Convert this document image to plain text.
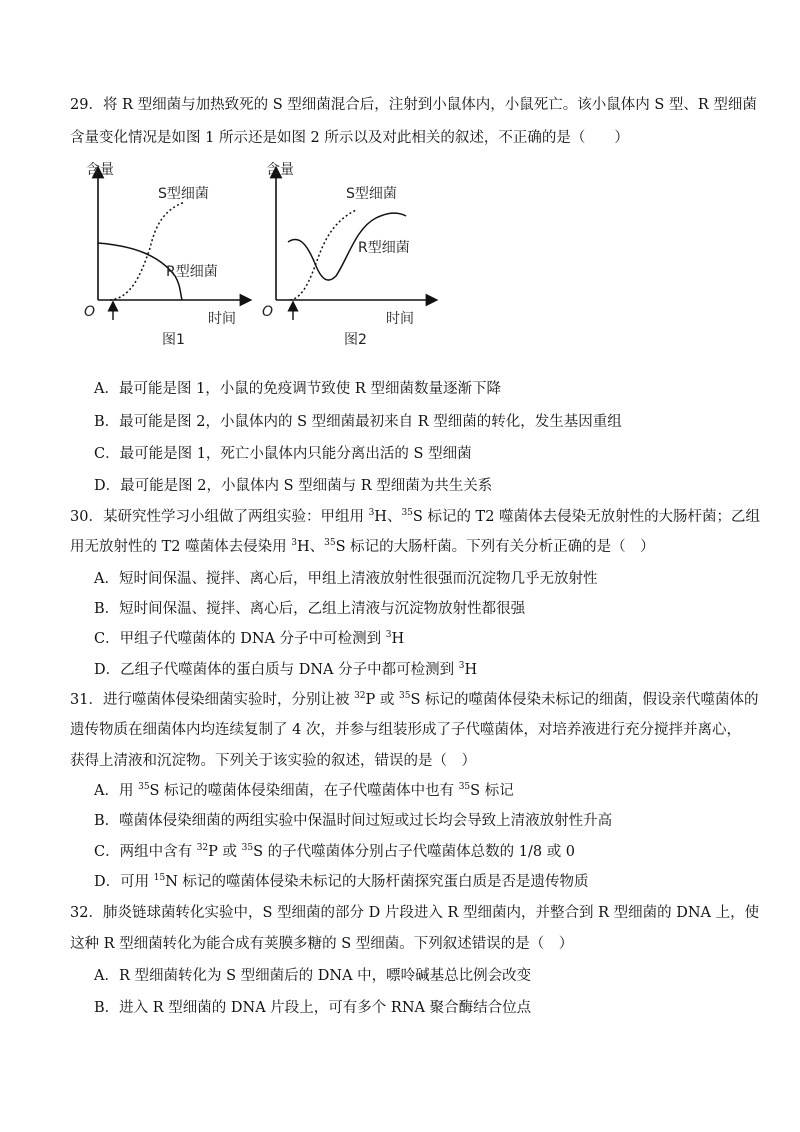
29．将 R 型细菌与加热致死的 S 型细菌混合后，注射到小鼠体内，小鼠死亡。该小鼠体内 S 型、R 型细菌
含量变化情况是如图 1 所示还是如图 2 所示以及对此相关的叙述，不正确的是（　　）
含量
时间
O
S型细菌
R型细菌
图1
含量
时间
O
S型细菌
R型细菌
图2
A．最可能是图 1，小鼠的免疫调节致使 R 型细菌数量逐渐下降
B．最可能是图 2，小鼠体内的 S 型细菌最初来自 R 型细菌的转化，发生基因重组
C．最可能是图 1，死亡小鼠体内只能分离出活的 S 型细菌
D．最可能是图 2，小鼠体内 S 型细菌与 R 型细菌为共生关系
30．某研究性学习小组做了两组实验：甲组用 $^3$H、$^{35}$S 标记的 T2 噬菌体去侵染无放射性的大肠杆菌；乙组
用无放射性的 T2 噬菌体去侵染用 $^3$H、$^{35}$S 标记的大肠杆菌。下列有关分析正确的是（　）
A．短时间保温、搅拌、离心后，甲组上清液放射性很强而沉淀物几乎无放射性
B．短时间保温、搅拌、离心后，乙组上清液与沉淀物放射性都很强
C．甲组子代噬菌体的 DNA 分子中可检测到 $^3$H
D．乙组子代噬菌体的蛋白质与 DNA 分子中都可检测到 $^3$H
31．进行噬菌体侵染细菌实验时，分别让被 $^{32}$P 或 $^{35}$S 标记的噬菌体侵染未标记的细菌，假设亲代噬菌体的
遗传物质在细菌体内均连续复制了 4 次，并参与组装形成了子代噬菌体，对培养液进行充分搅拌并离心，
获得上清液和沉淀物。下列关于该实验的叙述，错误的是（　）
A．用 $^{35}$S 标记的噬菌体侵染细菌，在子代噬菌体中也有 $^{35}$S 标记
B．噬菌体侵染细菌的两组实验中保温时间过短或过长均会导致上清液放射性升高
C．两组中含有 $^{32}$P 或 $^{35}$S 的子代噬菌体分别占子代噬菌体总数的 1/8 或 0
D．可用 $^{15}$N 标记的噬菌体侵染未标记的大肠杆菌探究蛋白质是否是遗传物质
32．肺炎链球菌转化实验中，S 型细菌的部分 D 片段进入 R 型细菌内，并整合到 R 型细菌的 DNA 上，使
这种 R 型细菌转化为能合成有荚膜多糖的 S 型细菌。下列叙述错误的是（　）
A．R 型细菌转化为 S 型细菌后的 DNA 中，嘌呤碱基总比例会改变
B．进入 R 型细菌的 DNA 片段上，可有多个 RNA 聚合酶结合位点
